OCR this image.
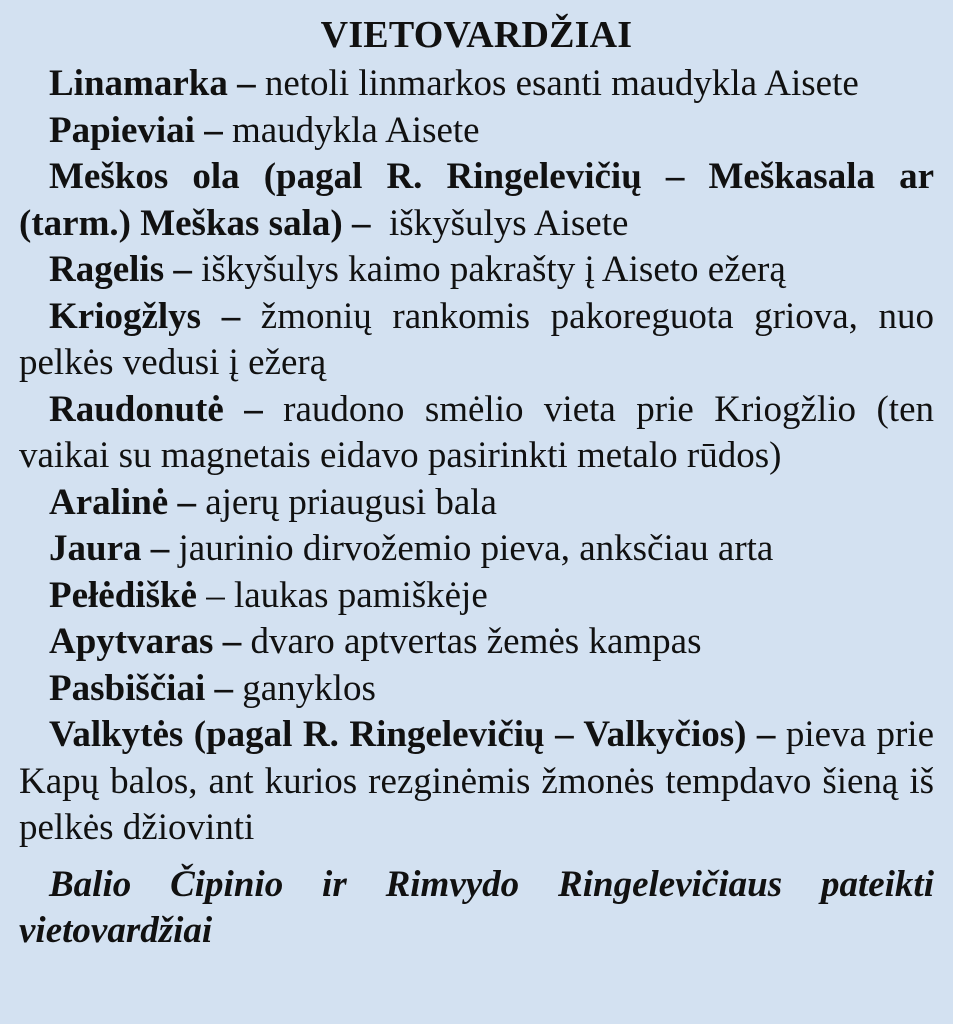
VIETOVARDŽIAI

Linamarka – netoli linmarkos esanti maudykla Aisete

Papieviai – maudykla Aisete

Meškos ola (pagal R. Ringelevičių – Meškasala ar (tarm.) Meškas sala) –  iškyšulys Aisete

Ragelis – iškyšulys kaimo pakrašty į Aiseto ežerą

Kriogžlys – žmonių rankomis pakoreguota griova, nuo pelkės vedusi į ežerą

Raudonutė – raudono smėlio vieta prie Kriogžlio (ten vaikai su magnetais eidavo pasirinkti metalo rūdos)

Aralinė – ajerų priaugusi bala

Jaura – jaurinio dirvožemio pieva, anksčiau arta

Pełėdiškė – laukas pamiškėje

Apytvaras – dvaro aptvertas žemės kampas

Pasbiščiai – ganyklos

Valkytės (pagal R. Ringelevičių – Valkyčios) – pieva prie Kapų balos, ant kurios rezginėmis žmonės tempdavo šieną iš pelkės džiovinti

Balio Čipinio ir Rimvydo Ringelevičiaus pateikti vietovardžiai
